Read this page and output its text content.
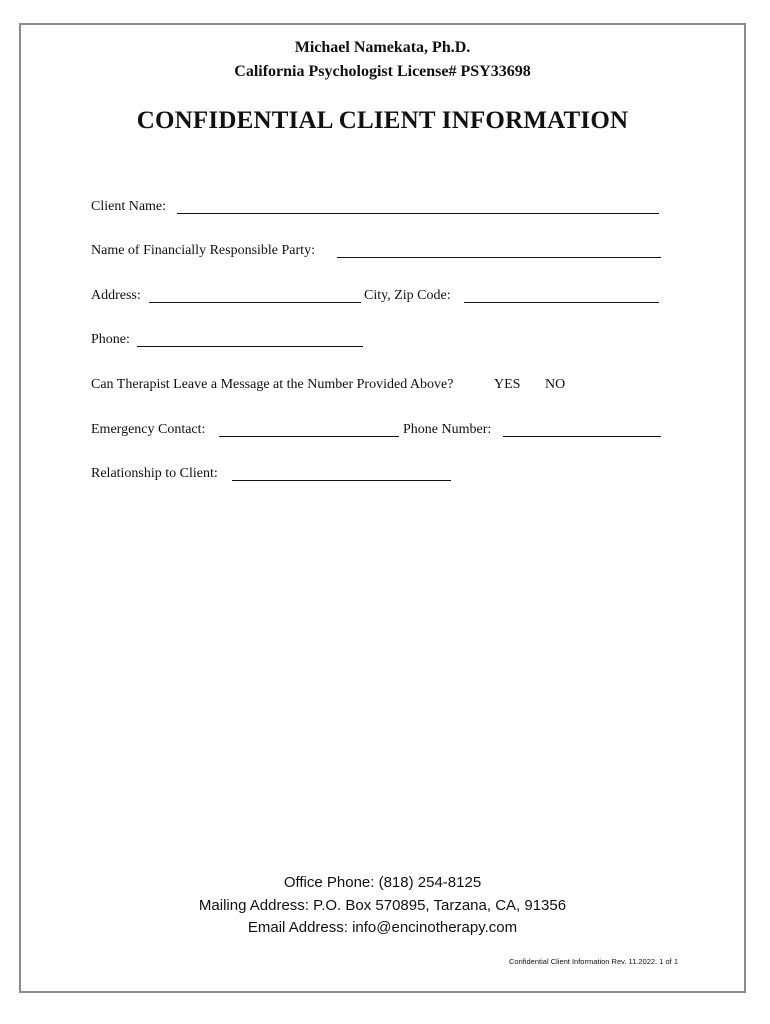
Michael Namekata, Ph.D.
California Psychologist License# PSY33698
CONFIDENTIAL CLIENT INFORMATION
Client Name:
Name of Financially Responsible Party:
Address:	City, Zip Code:
Phone:
Can Therapist Leave a Message at the Number Provided Above?	YES NO
Emergency Contact:	Phone Number:
Relationship to Client:
Office Phone: (818) 254-8125
Mailing Address: P.O. Box 570895, Tarzana, CA, 91356
Email Address: info@encinotherapy.com
Confidential Client Information Rev. 11.2022. 1 of 1
